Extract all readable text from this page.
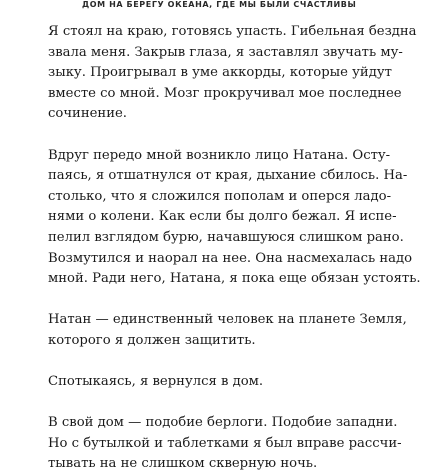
ДОМ НА БЕРЕГУ ОКЕАНА, ГДЕ МЫ БЫЛИ СЧАСТЛИВЫ
Я стоял на краю, готовясь упасть. Гибельная бездна
звала меня. Закрыв глаза, я заставлял звучать му-
зыку. Проигрывал в уме аккорды, которые уйдут
вместе со мной. Мозг прокручивал мое последнее
сочинение.
Вдруг передо мной возникло лицо Натана. Осту-
паясь, я отшатнулся от края, дыхание сбилось. На-
столько, что я сложился пополам и оперся ладо-
нями о колени. Как если бы долго бежал. Я испе-
пелил взглядом бурю, начавшуюся слишком рано.
Возмутился и наорал на нее. Она насмехалась надо
мной. Ради него, Натана, я пока еще обязан устоять.
Натан — единственный человек на планете Земля,
которого я должен защитить.
Спотыкаясь, я вернулся в дом.
В свой дом — подобие берлоги. Подобие западни.
Но с бутылкой и таблетками я был вправе рассчи-
тывать на не слишком скверную ночь.
